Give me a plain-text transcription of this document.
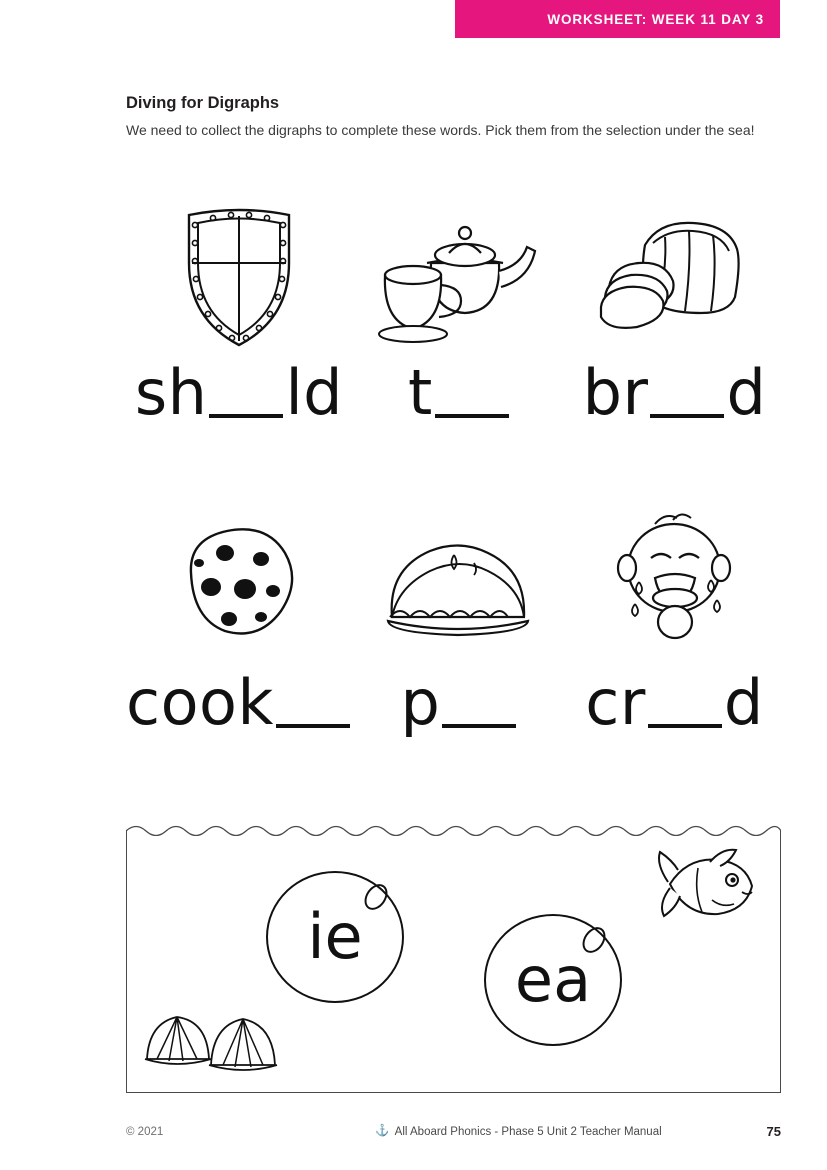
WORKSHEET: WEEK 11 DAY 3
Diving for Digraphs

We need to collect the digraphs to complete these words. Pick them from the selection under the sea!

sh ld t br d
cook p cr d
ie
ea
© 2021	⚓ All Aboard Phonics - Phase 5 Unit 2 Teacher Manual	75
